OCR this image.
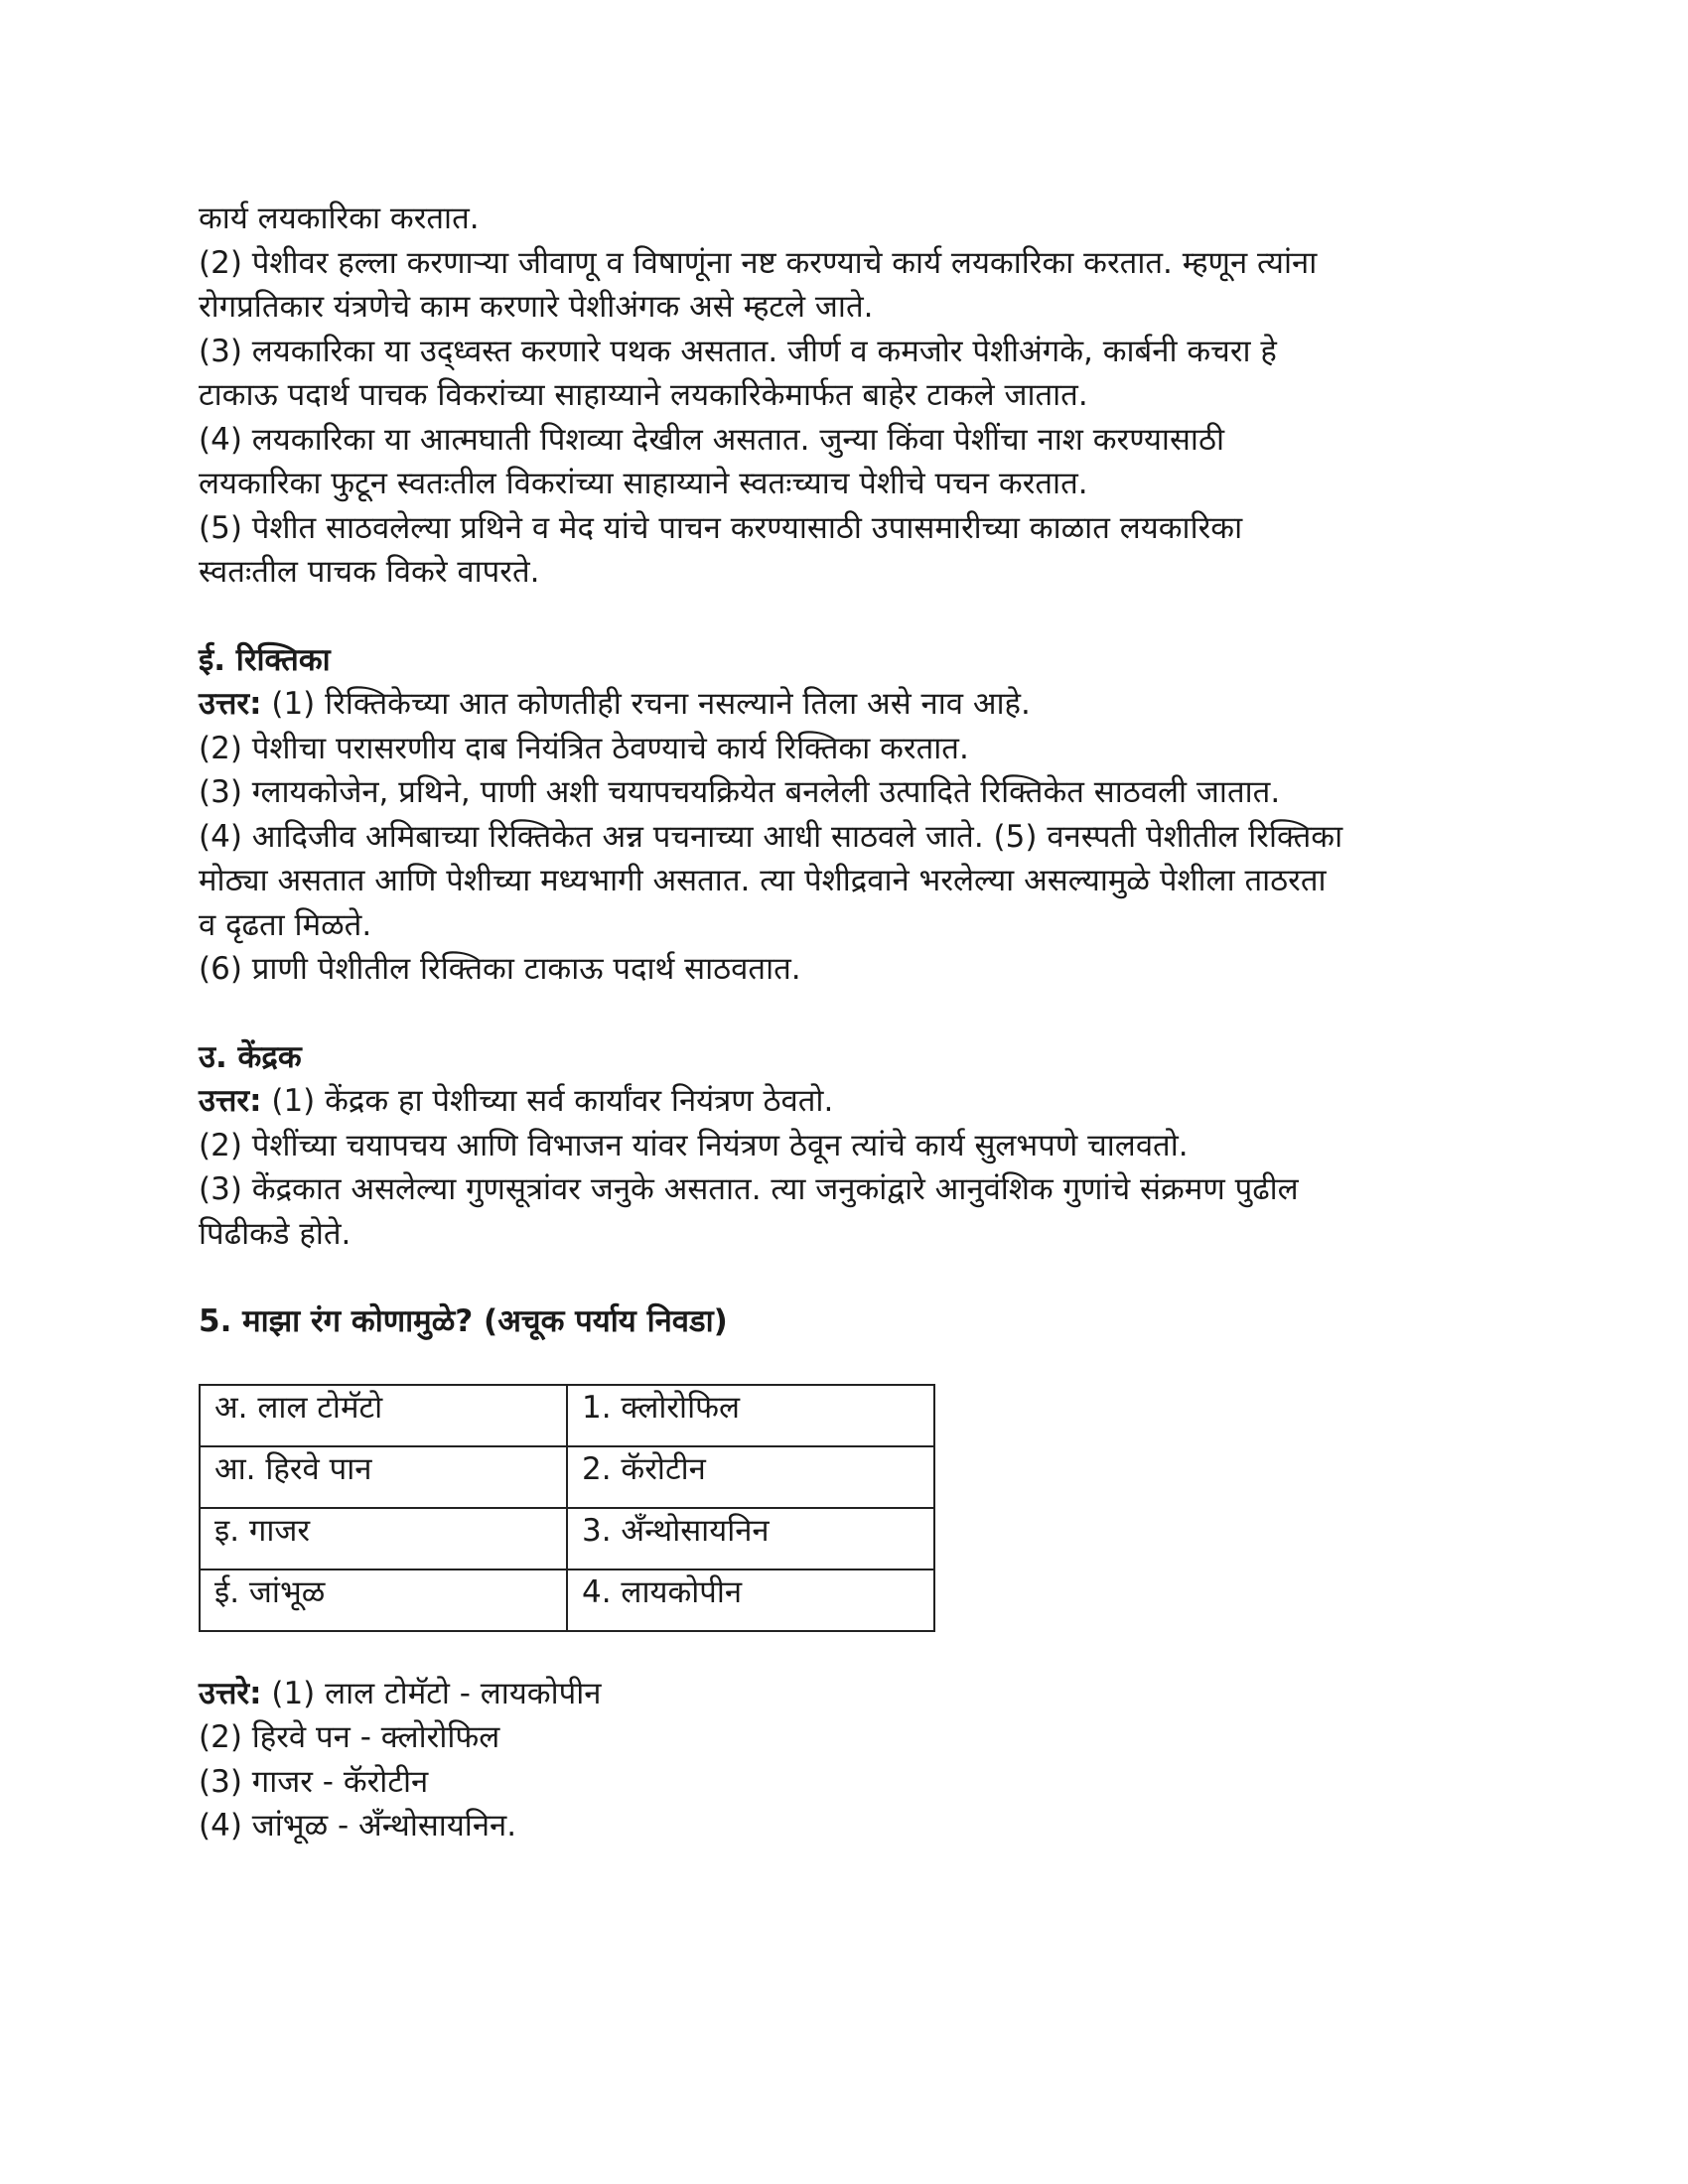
कार्य लयकारिका करतात.
(2) पेशीवर हल्ला करणाऱ्या जीवाणू व विषाणूंना नष्ट करण्याचे कार्य लयकारिका करतात. म्हणून त्यांना
रोगप्रतिकार यंत्रणेचे काम करणारे पेशीअंगक असे म्हटले जाते.
(3) लयकारिका या उद्ध्वस्त करणारे पथक असतात. जीर्ण व कमजोर पेशीअंगके, कार्बनी कचरा हे
टाकाऊ पदार्थ पाचक विकरांच्या साहाय्याने लयकारिकेमार्फत बाहेर टाकले जातात.
(4) लयकारिका या आत्मघाती पिशव्या देखील असतात. जुन्या किंवा पेशींचा नाश करण्यासाठी
लयकारिका फुटून स्वतःतील विकरांच्या साहाय्याने स्वतःच्याच पेशीचे पचन करतात.
(5) पेशीत साठवलेल्या प्रथिने व मेद यांचे पाचन करण्यासाठी उपासमारीच्या काळात लयकारिका
स्वतःतील पाचक विकरे वापरते.
ई. रिक्तिका
उत्तर: (1) रिक्तिकेच्या आत कोणतीही रचना नसल्याने तिला असे नाव आहे.
(2) पेशीचा परासरणीय दाब नियंत्रित ठेवण्याचे कार्य रिक्तिका करतात.
(3) ग्लायकोजेन, प्रथिने, पाणी अशी चयापचयक्रियेत बनलेली उत्पादिते रिक्तिकेत साठवली जातात.
(4) आदिजीव अमिबाच्या रिक्तिकेत अन्न पचनाच्या आधी साठवले जाते. (5) वनस्पती पेशीतील रिक्तिका
मोठ्या असतात आणि पेशीच्या मध्यभागी असतात. त्या पेशीद्रवाने भरलेल्या असल्यामुळे पेशीला ताठरता
व दृढता मिळते.
(6) प्राणी पेशीतील रिक्तिका टाकाऊ पदार्थ साठवतात.
उ. केंद्रक
उत्तर: (1) केंद्रक हा पेशीच्या सर्व कार्यांवर नियंत्रण ठेवतो.
(2) पेशींच्या चयापचय आणि विभाजन यांवर नियंत्रण ठेवून त्यांचे कार्य सुलभपणे चालवतो.
(3) केंद्रकात असलेल्या गुणसूत्रांवर जनुके असतात. त्या जनुकांद्वारे आनुवंशिक गुणांचे संक्रमण पुढील
पिढीकडे होते.
5. माझा रंग कोणामुळे? (अचूक पर्याय निवडा)
अ. लाल टोमॅटो	1. क्लोरोफिल
आ. हिरवे पान	2. कॅरोटीन
इ. गाजर	3. अँन्थोसायनिन
ई. जांभूळ	4. लायकोपीन
उत्तरे: (1) लाल टोमॅटो - लायकोपीन
(2) हिरवे पन - क्लोरोफिल
(3) गाजर - कॅरोटीन
(4) जांभूळ - अँन्थोसायनिन.
